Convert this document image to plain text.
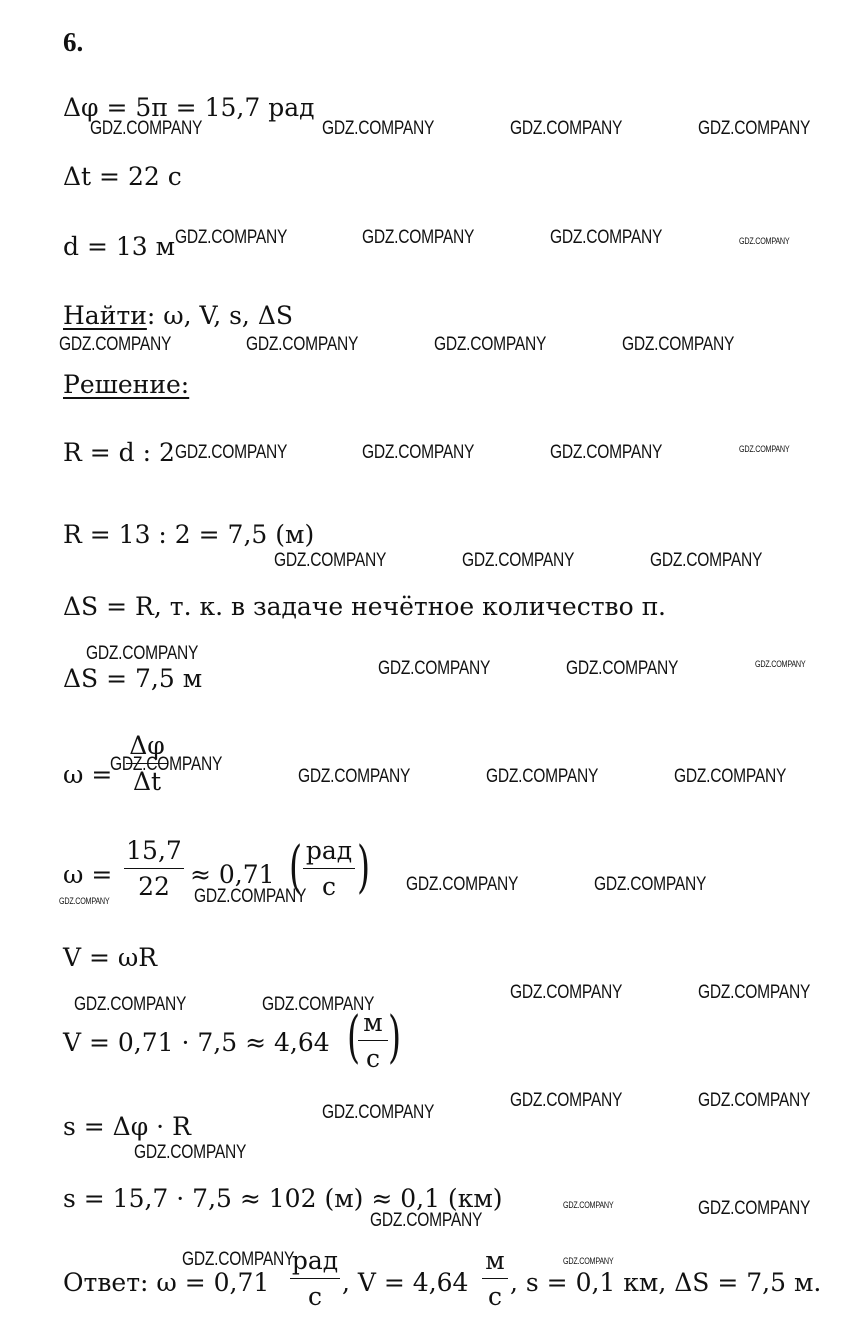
6.
Δφ = 5π = 15,7 рад
Δt = 22 с
d = 13 м
Найти: ω, V, s, ΔS
Решение:
R = d : 2
R = 13 : 2 = 7,5 (м)
ΔS = R, т. к. в задаче нечётное количество π.
ΔS = 7,5 м
ω =
Δφ
Δt
ω =
15,7
22 ≈ 0,71 ( рад
с )
V = ωR
V = 0,71 · 7,5 ≈ 4,64 ( м
с )
s = Δφ · R
s = 15,7 · 7,5 ≈ 102 (м) ≈ 0,1 (км)
Ответ: ω = 0,71
рад
с , V = 4,64
м
с , s = 0,1 км, ΔS = 7,5 м.
GDZ.COMPANY	GDZ.COMPANY	GDZ.COMPANY	GDZ.COMPANY
GDZ.COMPANY	GDZ.COMPANY	GDZ.COMPANY	GDZ.COMPANY
GDZ.COMPANY	GDZ.COMPANY	GDZ.COMPANY	GDZ.COMPANY
GDZ.COMPANY	GDZ.COMPANY	GDZ.COMPANY	GDZ.COMPANY
GDZ.COMPANY	GDZ.COMPANY	GDZ.COMPANY
GDZ.COMPANY
GDZ.COMPANY	GDZ.COMPANY	GDZ.COMPANY
GDZ.COMPANY
GDZ.COMPANY	GDZ.COMPANY	GDZ.COMPANY
GDZ.COMPANY	GDZ.COMPANY
GDZ.COMPANY	GDZ.COMPANY
GDZ.COMPANY	GDZ.COMPANY
GDZ.COMPANY	GDZ.COMPANY
GDZ.COMPANY
GDZ.COMPANY	GDZ.COMPANY
GDZ.COMPANY
GDZ.COMPANY	GDZ.COMPANY
GDZ.COMPANY
GDZ.COMPANY	GDZ.COMPANY
